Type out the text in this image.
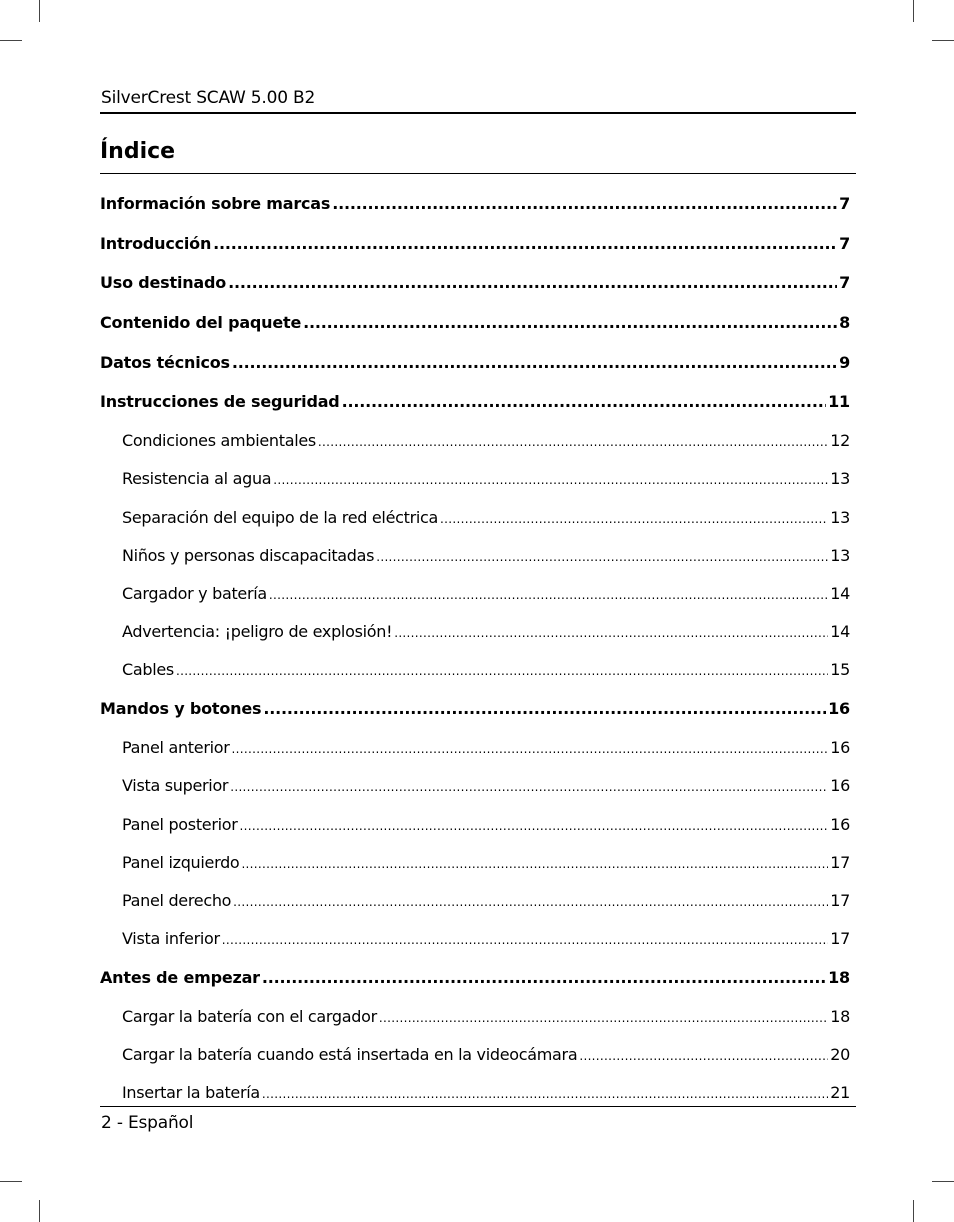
SilverCrest SCAW 5.00 B2
Índice
Información sobre marcas .....	7
Introducción .....	7
Uso destinado .....	7
Contenido del paquete .....	8
Datos técnicos .....	9
Instrucciones de seguridad .....	11
Condiciones ambientales .....	12
Resistencia al agua .....	13
Separación del equipo de la red eléctrica .....	13
Niños y personas discapacitadas .....	13
Cargador y batería .....	14
Advertencia: ¡peligro de explosión! .....	14
Cables .....	15
Mandos y botones .....	16
Panel anterior .....	16
Vista superior .....	16
Panel posterior .....	16
Panel izquierdo .....	17
Panel derecho .....	17
Vista inferior .....	17
Antes de empezar .....	18
Cargar la batería con el cargador .....	18
Cargar la batería cuando está insertada en la videocámara .....	20
Insertar la batería .....	21
2 - Español
